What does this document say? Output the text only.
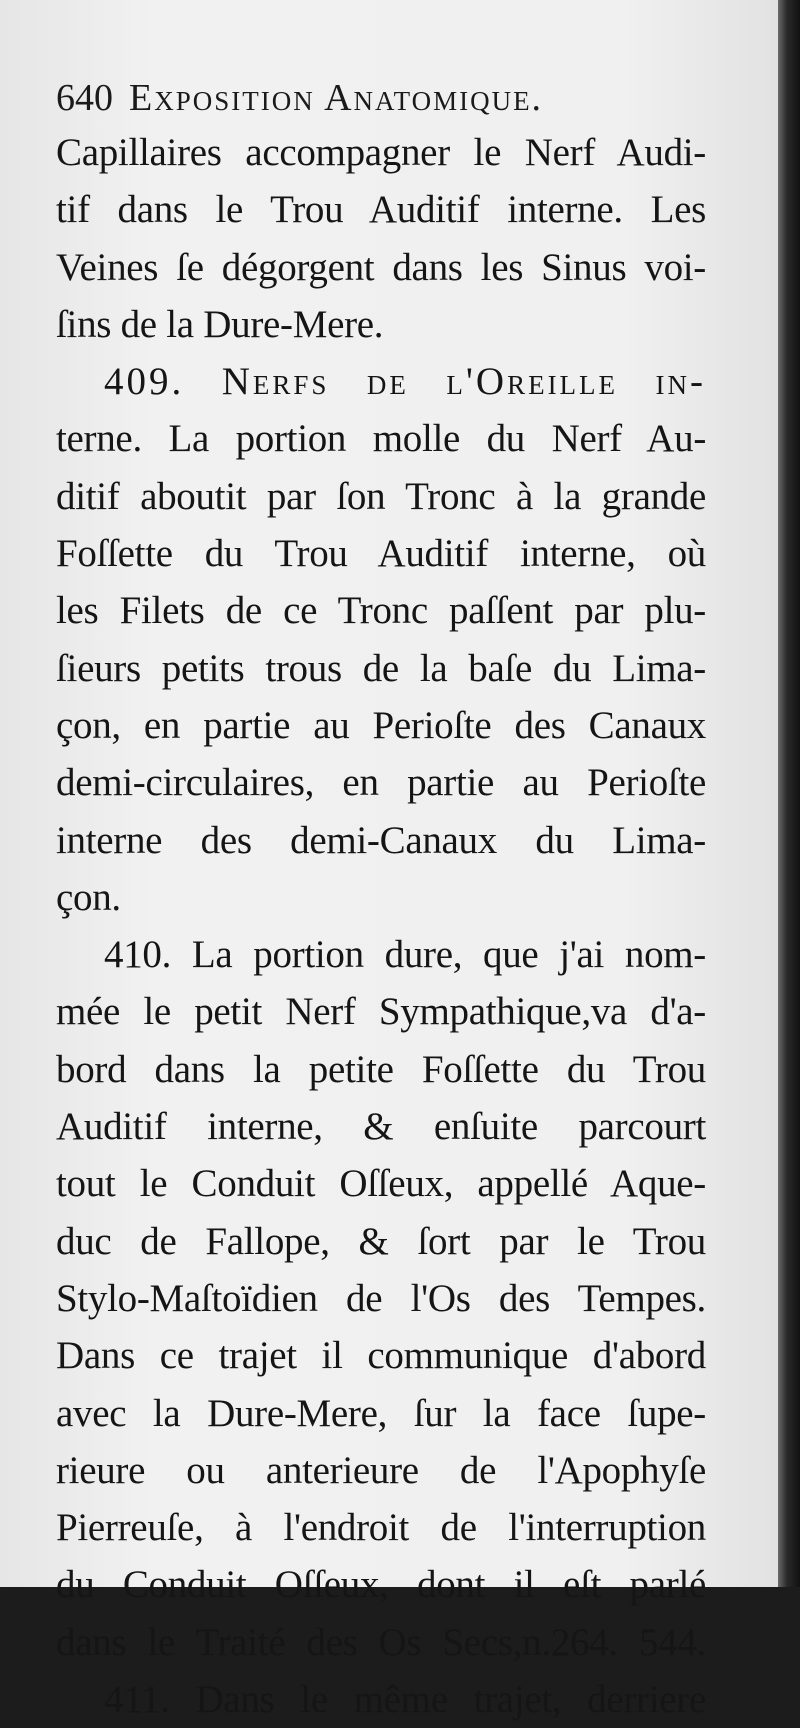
640 Exposition Anatomique.
Capillaires accompagner le Nerf Audi-
tif dans le Trou Auditif interne. Les
Veines ſe dégorgent dans les Sinus voi-
ſins de la Dure-Mere.
409. Nerfs de l'Oreille in-
terne. La portion molle du Nerf Au-
ditif aboutit par ſon Tronc à la grande
Foſſette du Trou Auditif interne, où
les Filets de ce Tronc paſſent par plu-
ſieurs petits trous de la baſe du Lima-
çon, en partie au Perioſte des Canaux
demi-circulaires, en partie au Perioſte
interne des demi-Canaux du Lima-
çon.
410. La portion dure, que j'ai nom-
mée le petit Nerf Sympathique,va d'a-
bord dans la petite Foſſette du Trou
Auditif interne, & enſuite parcourt
tout le Conduit Oſſeux, appellé Aque-
duc de Fallope, & ſort par le Trou
Stylo-Maſtoïdien de l'Os des Tempes.
Dans ce trajet il communique d'abord
avec la Dure-Mere, ſur la face ſupe-
rieure ou anterieure de l'Apophyſe
Pierreuſe, à l'endroit de l'interruption
du Conduit Oſſeux, dont il eſt parlé
dans le Traité des Os Secs,n.264. 544.
411. Dans le même trajet, derriere
